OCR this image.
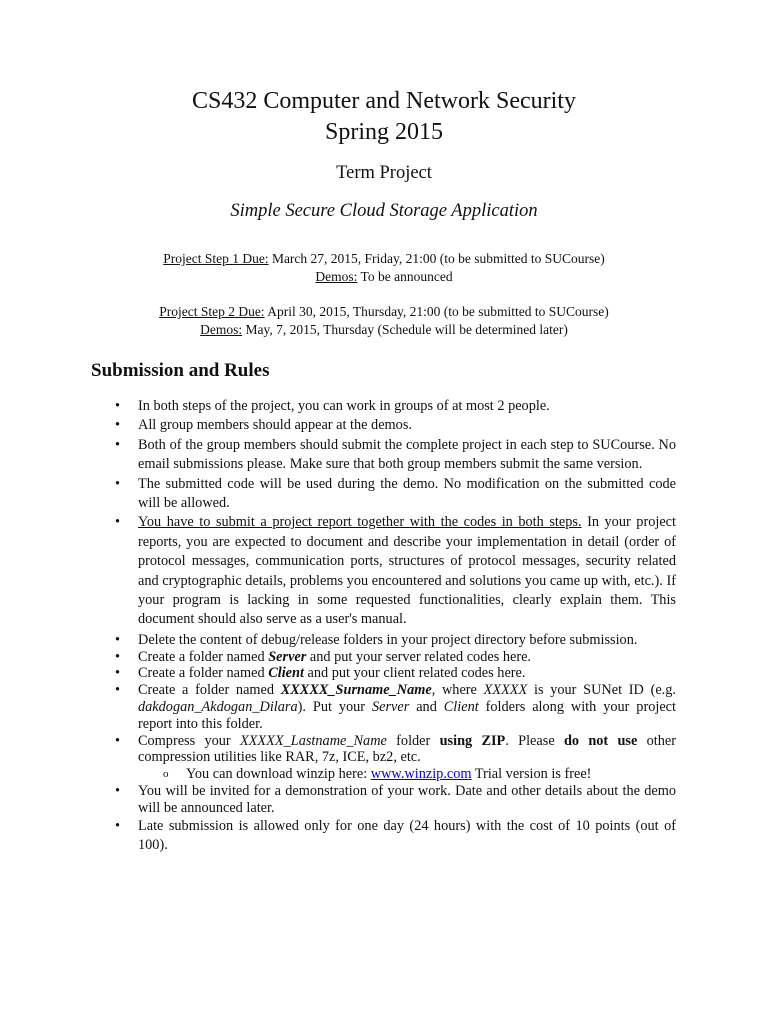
CS432 Computer and Network Security
Spring 2015
Term Project
Simple Secure Cloud Storage Application
Project Step 1 Due: March 27, 2015, Friday, 21:00 (to be submitted to SUCourse)
Demos: To be announced
Project Step 2 Due: April 30, 2015, Thursday, 21:00 (to be submitted to SUCourse)
Demos: May, 7, 2015, Thursday (Schedule will be determined later)
Submission and Rules
• In both steps of the project, you can work in groups of at most 2 people.
• All group members should appear at the demos.
• Both of the group members should submit the complete project in each step to SUCourse. No email submissions please. Make sure that both group members submit the same version.
• The submitted code will be used during the demo. No modification on the submitted code will be allowed.
• You have to submit a project report together with the codes in both steps. In your project reports, you are expected to document and describe your implementation in detail (order of protocol messages, communication ports, structures of protocol messages, security related and cryptographic details, problems you encountered and solutions you came up with, etc.). If your program is lacking in some requested functionalities, clearly explain them. This document should also serve as a user's manual.
• Delete the content of debug/release folders in your project directory before submission.
• Create a folder named Server and put your server related codes here.
• Create a folder named Client and put your client related codes here.
• Create a folder named XXXXX_Surname_Name, where XXXXX is your SUNet ID (e.g. dakdogan_Akdogan_Dilara). Put your Server and Client folders along with your project report into this folder.
• Compress your XXXXX_Lastname_Name folder using ZIP. Please do not use other compression utilities like RAR, 7z, ICE, bz2, etc.
o You can download winzip here: www.winzip.com Trial version is free!
• You will be invited for a demonstration of your work. Date and other details about the demo will be announced later.
• Late submission is allowed only for one day (24 hours) with the cost of 10 points (out of 100).
